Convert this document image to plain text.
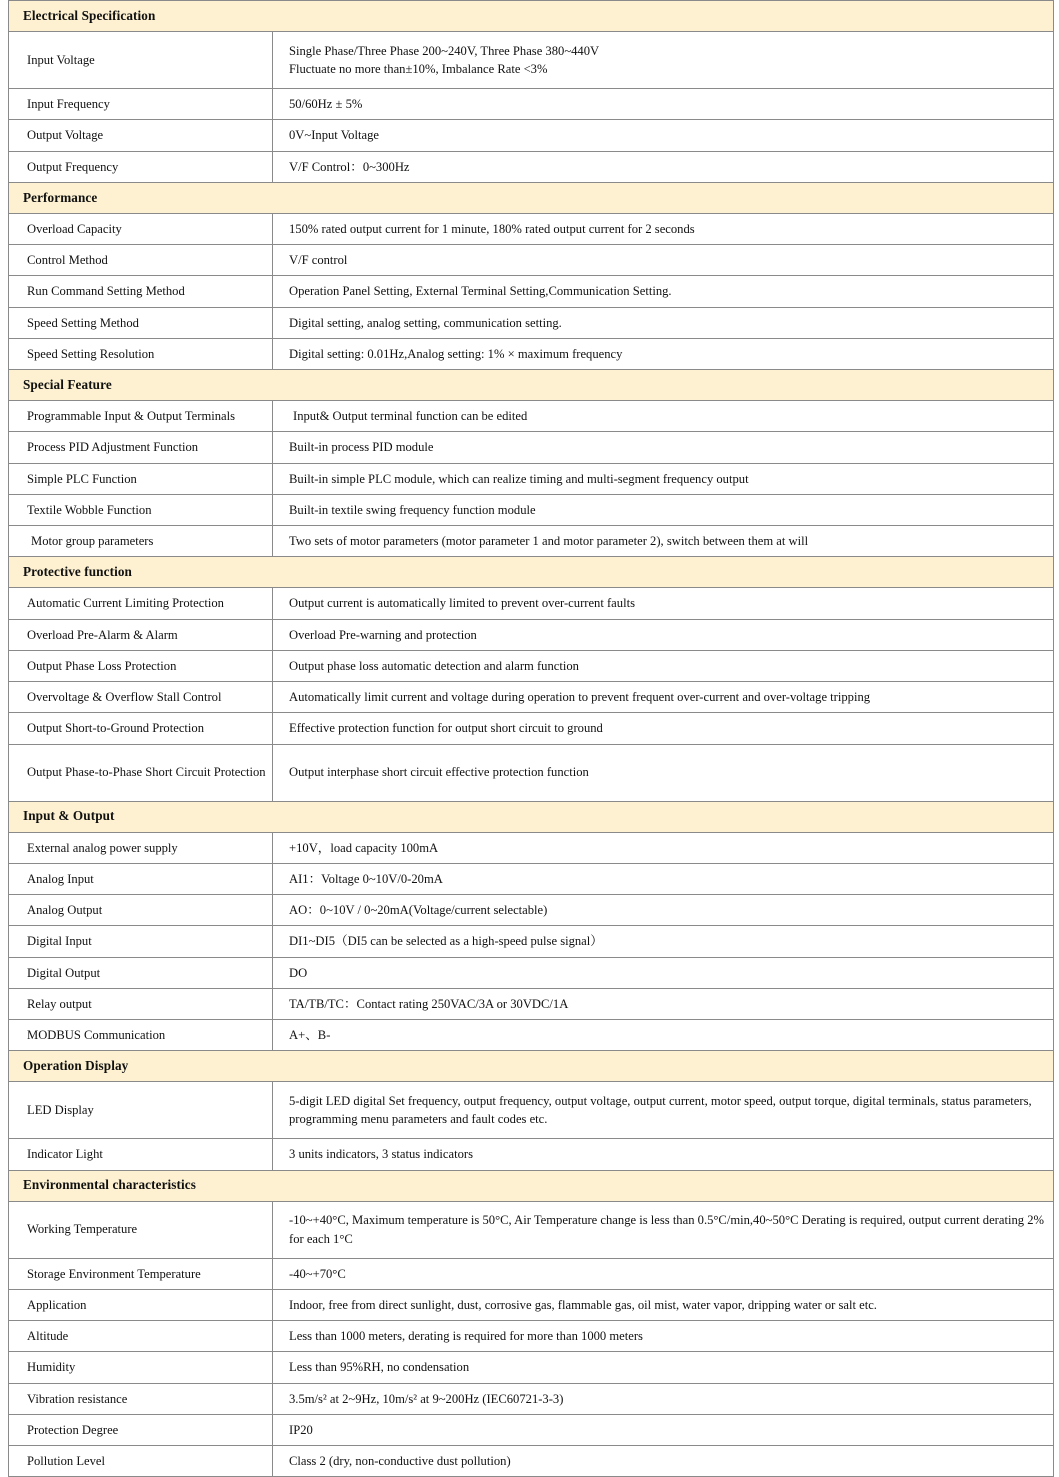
Electrical Specification	
Input Voltage	Single Phase/Three Phase 200~240V, Three Phase 380~440V
Fluctuate no more than±10%, Imbalance Rate <3%
Input Frequency	50/60Hz ± 5%
Output Voltage	0V~Input Voltage
Output Frequency	V/F Control：0~300Hz
Performance	
Overload Capacity	150% rated output current for 1 minute, 180% rated output current for 2 seconds
Control Method	V/F control
Run Command Setting Method	Operation Panel Setting, External Terminal Setting,Communication Setting.
Speed Setting Method	Digital setting, analog setting, communication setting.
Speed Setting Resolution	Digital setting: 0.01Hz,Analog setting: 1% × maximum frequency
Special Feature	
Programmable Input & Output Terminals	Input& Output terminal function can be edited
Process PID Adjustment Function	Built-in process PID module
Simple PLC Function	Built-in simple PLC module, which can realize timing and multi-segment frequency output
Textile Wobble Function	Built-in textile swing frequency function module
Motor group parameters	Two sets of motor parameters (motor parameter 1 and motor parameter 2), switch between them at will
Protective function	
Automatic Current Limiting Protection	Output current is automatically limited to prevent over-current faults
Overload Pre-Alarm & Alarm	Overload Pre-warning and protection
Output Phase Loss Protection	Output phase loss automatic detection and alarm function
Overvoltage & Overflow Stall Control	Automatically limit current and voltage during operation to prevent frequent over-current and over-voltage tripping
Output Short-to-Ground Protection	Effective protection function for output short circuit to ground
Output Phase-to-Phase Short Circuit Protection	Output interphase short circuit effective protection function
Input & Output	
External analog power supply	+10V，load capacity 100mA
Analog Input	AI1：Voltage 0~10V/0-20mA
Analog Output	AO：0~10V / 0~20mA(Voltage/current selectable)
Digital Input	DI1~DI5（DI5 can be selected as a high-speed pulse signal）
Digital Output	DO
Relay output	TA/TB/TC：Contact rating 250VAC/3A or 30VDC/1A
MODBUS Communication	A+、B-
Operation Display	
LED Display	5-digit LED digital Set frequency, output frequency, output voltage, output current, motor speed, output torque, digital terminals, status parameters, programming menu parameters and fault codes etc.
Indicator Light	3 units indicators, 3 status indicators
Environmental characteristics	
Working Temperature	-10~+40°C, Maximum temperature is 50°C, Air Temperature change is less than 0.5°C/min,40~50°C Derating is required, output current derating 2% for each 1°C
Storage Environment Temperature	-40~+70°C
Application	Indoor, free from direct sunlight, dust, corrosive gas, flammable gas, oil mist, water vapor, dripping water or salt etc.
Altitude	Less than 1000 meters, derating is required for more than 1000 meters
Humidity	Less than 95%RH, no condensation
Vibration resistance	3.5m/s² at 2~9Hz, 10m/s² at 9~200Hz (IEC60721-3-3)
Protection Degree	IP20
Pollution Level	Class 2 (dry, non-conductive dust pollution)
